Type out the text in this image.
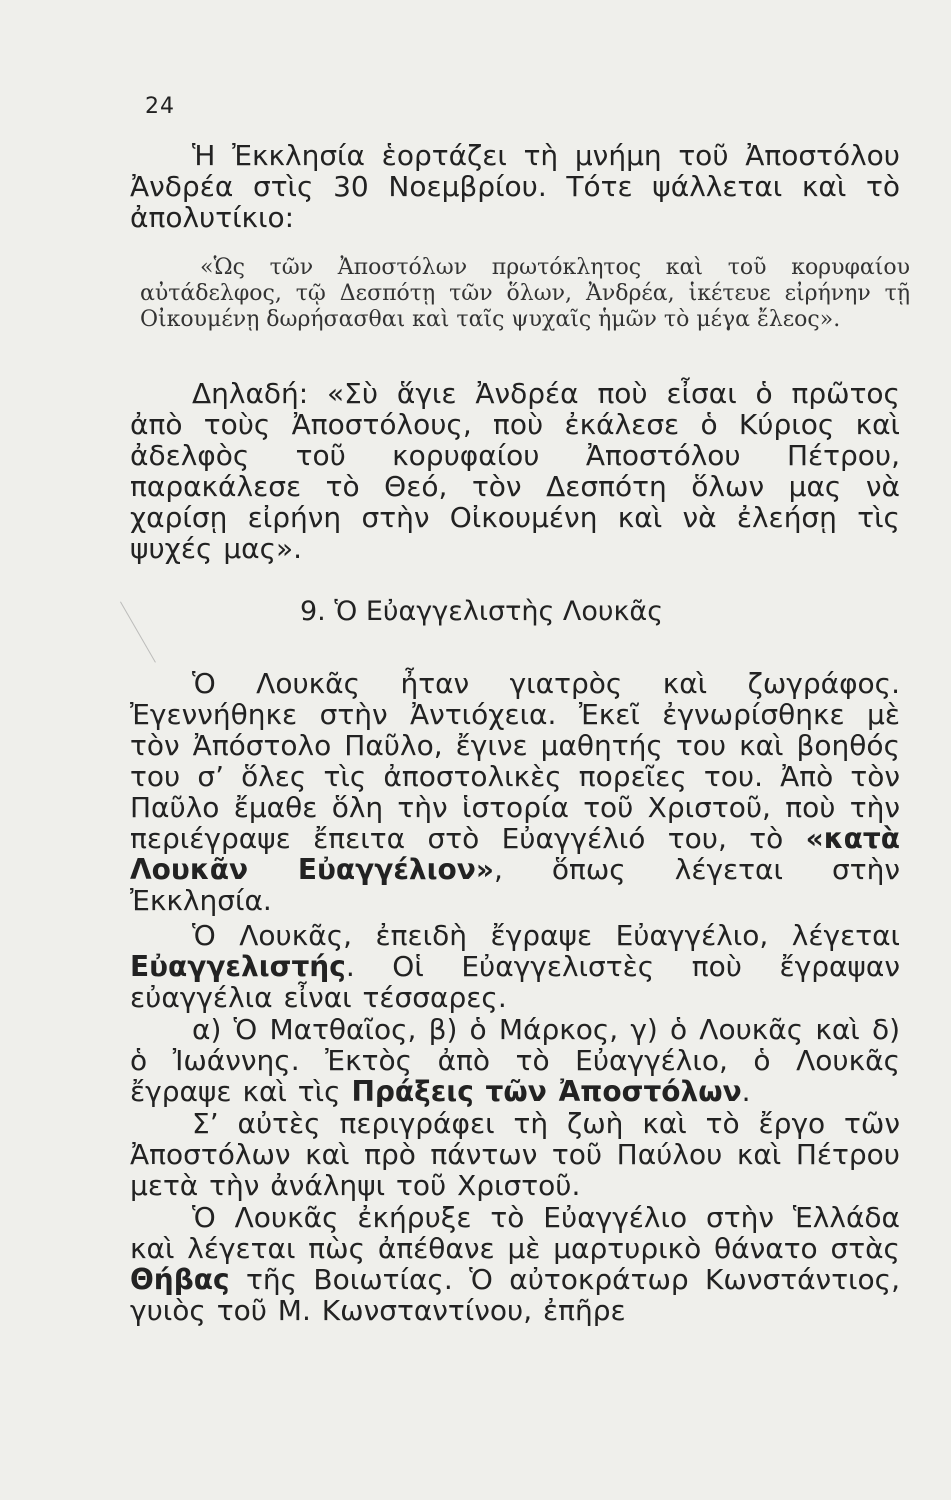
24

Ἡ Ἐκκλησία ἑορτάζει τὴ μνήμη τοῦ Ἀποστόλου Ἀνδρέα στὶς 30 Νοεμβρίου. Τότε ψάλλεται καὶ τὸ ἀπολυτίκιο:

«Ὡς τῶν Ἀποστόλων πρωτόκλητος καὶ τοῦ κορυφαίου αὐτάδελφος, τῷ Δεσπότῃ τῶν ὅλων, Ἀνδρέα, ἱκέτευε εἰρήνην τῇ Οἰκουμένῃ δωρήσασθαι καὶ ταῖς ψυχαῖς ἡμῶν τὸ μέγα ἔλεος».

Δηλαδή: «Σὺ ἅγιε Ἀνδρέα ποὺ εἶσαι ὁ πρῶτος ἀπὸ τοὺς Ἀποστόλους, ποὺ ἐκάλεσε ὁ Κύριος καὶ ἀδελφὸς τοῦ κορυφαίου Ἀποστόλου Πέτρου, παρακάλεσε τὸ Θεό, τὸν Δεσπότη ὅλων μας νὰ χαρίσῃ εἰρήνη στὴν Οἰκουμένη καὶ νὰ ἐλεήσῃ τὶς ψυχές μας».

9. Ὁ Εὐαγγελιστὴς Λουκᾶς

Ὁ Λουκᾶς ἦταν γιατρὸς καὶ ζωγράφος. Ἐγεννήθηκε στὴν Ἀντιόχεια. Ἐκεῖ ἐγνωρίσθηκε μὲ τὸν Ἀπόστολο Παῦλο, ἔγινε μαθητής του καὶ βοηθός του σ’ ὅλες τὶς ἀποστολικὲς πορεῖες του. Ἀπὸ τὸν Παῦλο ἔμαθε ὅλη τὴν ἱστορία τοῦ Χριστοῦ, ποὺ τὴν περιέγραψε ἔπειτα στὸ Εὐαγγέλιό του, τὸ «κατὰ Λουκᾶν Εὐαγγέλιον», ὅπως λέγεται στὴν Ἐκκλησία.

Ὁ Λουκᾶς, ἐπειδὴ ἔγραψε Εὐαγγέλιο, λέγεται Εὐαγγελιστής. Οἱ Εὐαγγελιστὲς ποὺ ἔγραψαν εὐαγγέλια εἶναι τέσσαρες.

α) Ὁ Ματθαῖος, β) ὁ Μάρκος, γ) ὁ Λουκᾶς καὶ δ) ὁ Ἰωάννης. Ἐκτὸς ἀπὸ τὸ Εὐαγγέλιο, ὁ Λουκᾶς ἔγραψε καὶ τὶς Πράξεις τῶν Ἀποστόλων.

Σ’ αὐτὲς περιγράφει τὴ ζωὴ καὶ τὸ ἔργο τῶν Ἀποστόλων καὶ πρὸ πάντων τοῦ Παύλου καὶ Πέτρου μετὰ τὴν ἀνάληψι τοῦ Χριστοῦ.

Ὁ Λουκᾶς ἐκήρυξε τὸ Εὐαγγέλιο στὴν Ἑλλάδα καὶ λέγεται πὼς ἀπέθανε μὲ μαρτυρικὸ θάνατο στὰς Θήβας τῆς Βοιωτίας. Ὁ αὐτοκράτωρ Κωνστάντιος, γυιὸς τοῦ Μ. Κωνσταντίνου, ἐπῆρε
